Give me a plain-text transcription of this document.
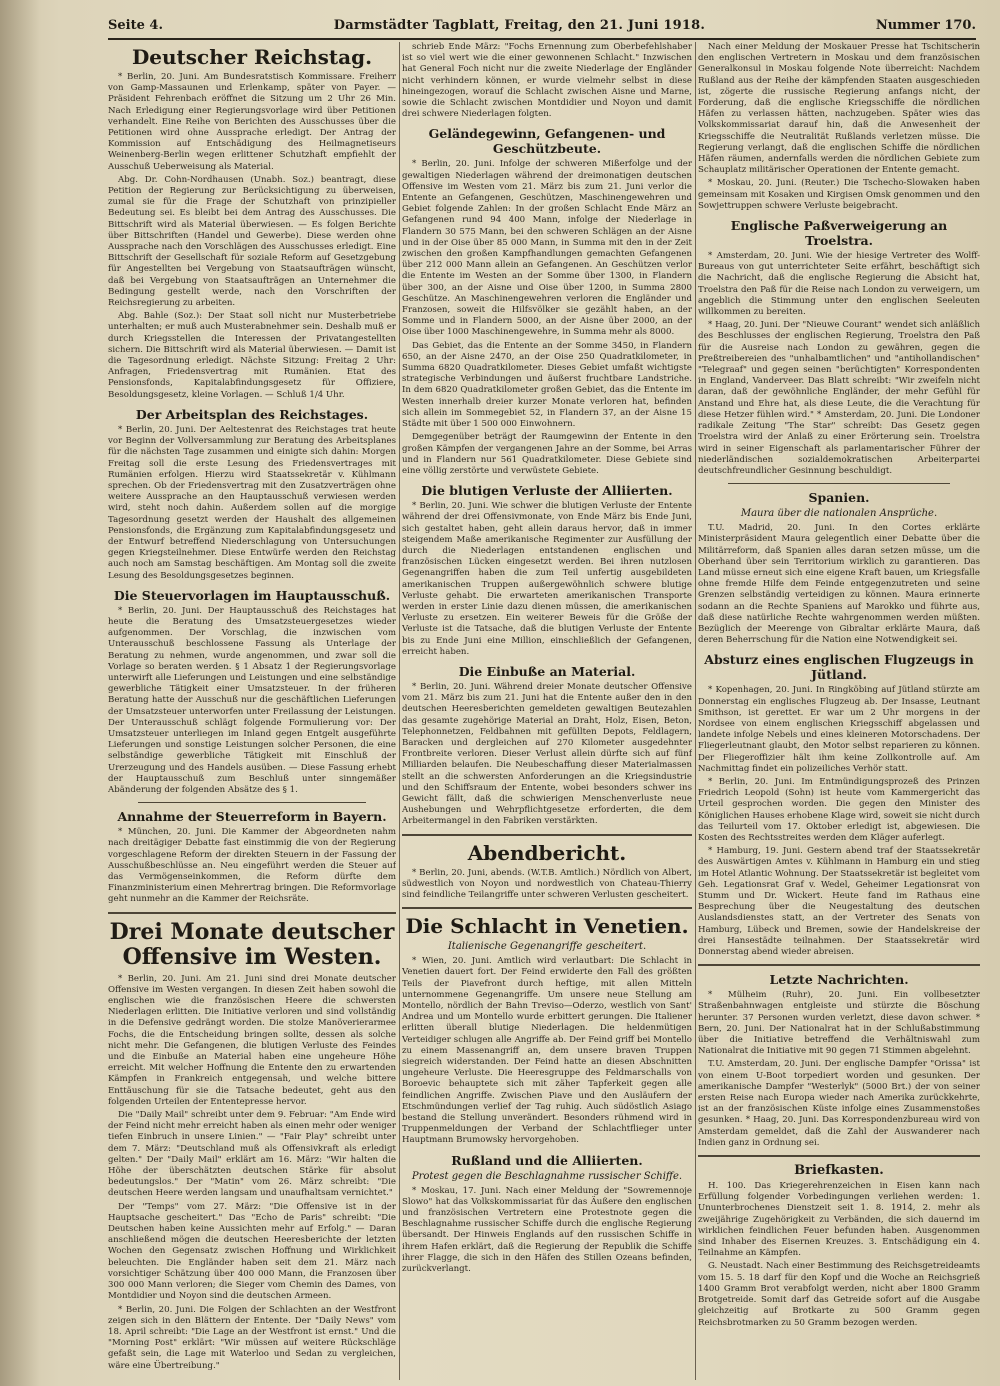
Seite 4.	Darmstädter Tagblatt, Freitag, den 21. Juni 1918.	Nummer 170.
Deutscher Reichstag.

* Berlin, 20. Juni. Am Bundesratstisch Kommissare. Freiherr von Gamp-Massaunen und Erlenkamp, später von Payer. — Präsident Fehrenbach eröffnet die Sitzung um 2 Uhr 26 Min. Nach Erledigung einer Regierungsvorlage wird über Petitionen verhandelt. Eine Reihe von Berichten des Ausschusses über die Petitionen wird ohne Aussprache erledigt. Der Antrag der Kommission auf Entschädigung des Heilmagnetiseurs Weinenberg-Berlin wegen erlittener Schutzhaft empfiehlt der Ausschuß Ueberweisung als Material.

Abg. Dr. Cohn-Nordhausen (Unabh. Soz.) beantragt, diese Petition der Regierung zur Berücksichtigung zu überweisen, zumal sie für die Frage der Schutzhaft von prinzipieller Bedeutung sei. Es bleibt bei dem Antrag des Ausschusses. Die Bittschrift wird als Material überwiesen. — Es folgen Berichte über Bittschriften (Handel und Gewerbe). Diese werden ohne Aussprache nach den Vorschlägen des Ausschusses erledigt. Eine Bittschrift der Gesellschaft für soziale Reform auf Gesetzgebung für Angestellten bei Vergebung von Staatsaufträgen wünscht, daß bei Vergebung von Staatsaufträgen an Unternehmer die Bedingung gestellt werde, nach den Vorschriften der Reichsregierung zu arbeiten.

Abg. Bahle (Soz.): Der Staat soll nicht nur Musterbetriebe unterhalten; er muß auch Musterabnehmer sein. Deshalb muß er durch Kriegsstellen die Interessen der Privatangestellten sichern. Die Bittschrift wird als Material überwiesen. — Damit ist die Tagesordnung erledigt. Nächste Sitzung: Freitag 2 Uhr: Anfragen, Friedensvertrag mit Rumänien. Etat des Pensionsfonds, Kapitalabfindungsgesetz für Offiziere, Besoldungsgesetz, kleine Vorlagen. — Schluß 1/4 Uhr.

Der Arbeitsplan des Reichstages.

* Berlin, 20. Juni. Der Aeltestenrat des Reichstages trat heute vor Beginn der Vollversammlung zur Beratung des Arbeitsplanes für die nächsten Tage zusammen und einigte sich dahin: Morgen Freitag soll die erste Lesung des Friedensvertrages mit Rumänien erfolgen. Hierzu wird Staatssekretär v. Kühlmann sprechen. Ob der Friedensvertrag mit den Zusatzverträgen ohne weitere Aussprache an den Hauptausschuß verwiesen werden wird, steht noch dahin. Außerdem sollen auf die morgige Tagesordnung gesetzt werden der Haushalt des allgemeinen Pensionsfonds, die Ergänzung zum Kapitalabfindungsgesetz und der Entwurf betreffend Niederschlagung von Untersuchungen gegen Kriegsteilnehmer. Diese Entwürfe werden den Reichstag auch noch am Samstag beschäftigen. Am Montag soll die zweite Lesung des Besoldungsgesetzes beginnen.

Die Steuervorlagen im Hauptausschuß.

* Berlin, 20. Juni. Der Hauptausschuß des Reichstages hat heute die Beratung des Umsatzsteuergesetzes wieder aufgenommen. Der Vorschlag, die inzwischen vom Unterausschuß beschlossene Fassung als Unterlage der Beratung zu nehmen, wurde angenommen, und zwar soll die Vorlage so beraten werden. § 1 Absatz 1 der Regierungsvorlage unterwirft alle Lieferungen und Leistungen und eine selbständige gewerbliche Tätigkeit einer Umsatzsteuer. In der früheren Beratung hatte der Ausschuß nur die geschäftlichen Lieferungen der Umsatzsteuer unterworfen unter Freilassung der Leistungen. Der Unterausschuß schlägt folgende Formulierung vor: Der Umsatzsteuer unterliegen im Inland gegen Entgelt ausgeführte Lieferungen und sonstige Leistungen solcher Personen, die eine selbständige gewerbliche Tätigkeit mit Einschluß der Urerzeugung und des Handels ausüben. — Diese Fassung erhebt der Hauptausschuß zum Beschluß unter sinngemäßer Abänderung der folgenden Absätze des § 1.

Annahme der Steuerreform in Bayern.

* München, 20. Juni. Die Kammer der Abgeordneten nahm nach dreitägiger Debatte fast einstimmig die von der Regierung vorgeschlagene Reform der direkten Steuern in der Fassung der Ausschußbeschlüsse an. Neu eingeführt werden die Steuer auf das Vermögenseinkommen, die Reform dürfte dem Finanzministerium einen Mehrertrag bringen. Die Reformvorlage geht nunmehr an die Kammer der Reichsräte.

Drei Monate deutscher Offensive im Westen.

* Berlin, 20. Juni. Am 21. Juni sind drei Monate deutscher Offensive im Westen vergangen. In diesen Zeit haben sowohl die englischen wie die französischen Heere die schwersten Niederlagen erlitten. Die Initiative verloren und sind vollständig in die Defensive gedrängt worden. Die stolze Manöverierarmee Fochs, die die Entscheidung bringen sollte, dessen als solche nicht mehr. Die Gefangenen, die blutigen Verluste des Feindes und die Einbuße an Material haben eine ungeheure Höhe erreicht. Mit welcher Hoffnung die Entente den zu erwartenden Kämpfen in Frankreich entgegensah, und welche bittere Enttäuschung für sie die Tatsache bedeutet, geht aus den folgenden Urteilen der Ententepresse hervor.

Die "Daily Mail" schreibt unter dem 9. Februar: "Am Ende wird der Feind nicht mehr erreicht haben als einen mehr oder weniger tiefen Einbruch in unsere Linien." — "Fair Play" schreibt unter dem 7. März: "Deutschland muß als Offensivkraft als erledigt gelten." Der "Daily Mail" erklärt am 16. März: "Wir halten die Höhe der überschätzten deutschen Stärke für absolut bedeutungslos." Der "Matin" vom 26. März schreibt: "Die deutschen Heere werden langsam und unaufhaltsam vernichtet."

Der "Temps" vom 27. März: "Die Offensive ist in der Hauptsache gescheitert." Das "Echo de Paris" schreibt: "Die Deutschen haben keine Aussichten mehr auf Erfolg." — Daran anschließend mögen die deutschen Heeresberichte der letzten Wochen den Gegensatz zwischen Hoffnung und Wirklichkeit beleuchten. Die Engländer haben seit dem 21. März nach vorsichtiger Schätzung über 400 000 Mann, die Franzosen über 300 000 Mann verloren; die Sieger vom Chemin des Dames, von Montdidier und Noyon sind die deutschen Armeen.

* Berlin, 20. Juni. Die Folgen der Schlachten an der Westfront zeigen sich in den Blättern der Entente. Der "Daily News" vom 18. April schreibt: "Die Lage an der Westfront ist ernst." Und die "Morning Post" erklärt: "Wir müssen auf weitere Rückschläge gefaßt sein, die Lage mit Waterloo und Sedan zu vergleichen, wäre eine Übertreibung."

schrieb Ende März: "Fochs Ernennung zum Oberbefehlshaber ist so viel wert wie die einer gewonnenen Schlacht." Inzwischen hat General Foch nicht nur die zweite Niederlage der Engländer nicht verhindern können, er wurde vielmehr selbst in diese hineingezogen, worauf die Schlacht zwischen Aisne und Marne, sowie die Schlacht zwischen Montdidier und Noyon und damit drei schwere Niederlagen folgten.

Geländegewinn, Gefangenen- und Geschützbeute.

* Berlin, 20. Juni. Infolge der schweren Mißerfolge und der gewaltigen Niederlagen während der dreimonatigen deutschen Offensive im Westen vom 21. März bis zum 21. Juni verlor die Entente an Gefangenen, Geschützen, Maschinengewehren und Gebiet folgende Zahlen: In der großen Schlacht Ende März an Gefangenen rund 94 400 Mann, infolge der Niederlage in Flandern 30 575 Mann, bei den schweren Schlägen an der Aisne und in der Oise über 85 000 Mann, in Summa mit den in der Zeit zwischen den großen Kampfhandlungen gemachten Gefangenen über 212 000 Mann allein an Gefangenen. An Geschützen verlor die Entente im Westen an der Somme über 1300, in Flandern über 300, an der Aisne und Oise über 1200, in Summa 2800 Geschütze. An Maschinengewehren verloren die Engländer und Franzosen, soweit die Hilfsvölker sie gezählt haben, an der Somme und in Flandern 5000, an der Aisne über 2000, an der Oise über 1000 Maschinengewehre, in Summa mehr als 8000.

Das Gebiet, das die Entente an der Somme 3450, in Flandern 650, an der Aisne 2470, an der Oise 250 Quadratkilometer, in Summa 6820 Quadratkilometer. Dieses Gebiet umfaßt wichtigste strategische Verbindungen und äußerst fruchtbare Landstriche. In dem 6820 Quadratkilometer großen Gebiet, das die Entente im Westen innerhalb dreier kurzer Monate verloren hat, befinden sich allein im Sommegebiet 52, in Flandern 37, an der Aisne 15 Städte mit über 1 500 000 Einwohnern.

Demgegenüber beträgt der Raumgewinn der Entente in den großen Kämpfen der vergangenen Jahre an der Somme, bei Arras und in Flandern nur 561 Quadratkilometer. Diese Gebiete sind eine völlig zerstörte und verwüstete Gebiete.

Die blutigen Verluste der Alliierten.

* Berlin, 20. Juni. Wie schwer die blutigen Verluste der Entente während der drei Offensivmonate, von Ende März bis Ende Juni, sich gestaltet haben, geht allein daraus hervor, daß in immer steigendem Maße amerikanische Regimenter zur Ausfüllung der durch die Niederlagen entstandenen englischen und französischen Lücken eingesetzt werden. Bei ihren nutzlosen Gegenangriffen haben die zum Teil unfertig ausgebildeten amerikanischen Truppen außergewöhnlich schwere blutige Verluste gehabt. Die erwarteten amerikanischen Transporte werden in erster Linie dazu dienen müssen, die amerikanischen Verluste zu ersetzen. Ein weiterer Beweis für die Größe der Verluste ist die Tatsache, daß die blutigen Verluste der Entente bis zu Ende Juni eine Million, einschließlich der Gefangenen, erreicht haben.

Die Einbuße an Material.

* Berlin, 20. Juni. Während dreier Monate deutscher Offensive vom 21. März bis zum 21. Juni hat die Entente außer den in den deutschen Heeresberichten gemeldeten gewaltigen Beutezahlen das gesamte zugehörige Material an Draht, Holz, Eisen, Beton, Telephonnetzen, Feldbahnen mit gefüllten Depots, Feldlagern, Baracken und dergleichen auf 270 Kilometer ausgedehnter Frontbreite verloren. Dieser Verlust allein dürfte sich auf fünf Milliarden belaufen. Die Neubeschaffung dieser Materialmassen stellt an die schwersten Anforderungen an die Kriegsindustrie und den Schiffsraum der Entente, wobei besonders schwer ins Gewicht fällt, daß die schwierigen Menschenverluste neue Aushebungen und Wehrpflichtgesetze erforderten, die dem Arbeitermangel in den Fabriken verstärkten.

Abendbericht.

* Berlin, 20. Juni, abends. (W.T.B. Amtlich.) Nördlich von Albert, südwestlich von Noyon und nordwestlich von Chateau-Thierry sind feindliche Teilangriffe unter schweren Verlusten gescheitert.

Die Schlacht in Venetien.
Italienische Gegenangriffe gescheitert.

* Wien, 20. Juni. Amtlich wird verlautbart: Die Schlacht in Venetien dauert fort. Der Feind erwiderte den Fall des größten Teils der Piavefront durch heftige, mit allen Mitteln unternommene Gegenangriffe. Um unsere neue Stellung am Montello, nördlich der Bahn Treviso—Oderzo, westlich von Sant' Andrea und um Montello wurde erbittert gerungen. Die Italiener erlitten überall blutige Niederlagen. Die heldenmütigen Verteidiger schlugen alle Angriffe ab. Der Feind griff bei Montello zu einem Massenangriff an, dem unsere braven Truppen siegreich widerstanden. Der Feind hatte an diesen Abschnitten ungeheure Verluste. Die Heeresgruppe des Feldmarschalls von Boroevic behauptete sich mit zäher Tapferkeit gegen alle feindlichen Angriffe. Zwischen Piave und den Ausläufern der Etschmündungen verlief der Tag ruhig. Auch südöstlich Asiago bestand die Stellung unverändert. Besonders rühmend wird in Truppenmeldungen der Verband der Schlachtflieger unter Hauptmann Brumowsky hervorgehoben.

Rußland und die Alliierten.
Protest gegen die Beschlagnahme russischer Schiffe.

* Moskau, 17. Juni. Nach einer Meldung der "Sowremennoje Slowo" hat das Volkskommissariat für das Äußere den englischen und französischen Vertretern eine Protestnote gegen die Beschlagnahme russischer Schiffe durch die englische Regierung übersandt. Der Hinweis Englands auf den russischen Schiffe in ihrem Hafen erklärt, daß die Regierung der Republik die Schiffe ihrer Flagge, die sich in den Häfen des Stillen Ozeans befinden, zurückverlangt.

Nach einer Meldung der Moskauer Presse hat Tschitscherin den englischen Vertretern in Moskau und dem französischen Generalkonsul in Moskau folgende Note überreicht: Nachdem Rußland aus der Reihe der kämpfenden Staaten ausgeschieden ist, zögerte die russische Regierung anfangs nicht, der Forderung, daß die englische Kriegsschiffe die nördlichen Häfen zu verlassen hätten, nachzugeben. Später wies das Volkskommissariat darauf hin, daß die Anwesenheit der Kriegsschiffe die Neutralität Rußlands verletzen müsse. Die Regierung verlangt, daß die englischen Schiffe die nördlichen Häfen räumen, andernfalls werden die nördlichen Gebiete zum Schauplatz militärischer Operationen der Entente gemacht.

* Moskau, 20. Juni. (Reuter.) Die Tschecho-Slowaken haben gemeinsam mit Kosaken und Kirgisen Omsk genommen und den Sowjettruppen schwere Verluste beigebracht.

Englische Paßverweigerung an Troelstra.

* Amsterdam, 20. Juni. Wie der hiesige Vertreter des Wolff-Bureaus von gut unterrichteter Seite erfährt, beschäftigt sich die Nachricht, daß die englische Regierung die Absicht hat, Troelstra den Paß für die Reise nach London zu verweigern, um angeblich die Stimmung unter den englischen Seeleuten willkommen zu bereiten.

* Haag, 20. Juni. Der "Nieuwe Courant" wendet sich anläßlich des Beschlusses der englischen Regierung, Troelstra den Paß für die Ausreise nach London zu gewähren, gegen die Preßtreibereien des "unhalbamtlichen" und "antihollandischen" "Telegraaf" und gegen seinen "berüchtigten" Korrespondenten in England, Vanderveer. Das Blatt schreibt: "Wir zweifeln nicht daran, daß der gewöhnliche Engländer, der mehr Gefühl für Anstand und Ehre hat, als diese Leute, die die Verachtung für diese Hetzer fühlen wird." * Amsterdam, 20. Juni. Die Londoner radikale Zeitung "The Star" schreibt: Das Gesetz gegen Troelstra wird der Anlaß zu einer Erörterung sein. Troelstra wird in seiner Eigenschaft als parlamentarischer Führer der niederländischen sozialdemokratischen Arbeiterpartei deutschfreundlicher Gesinnung beschuldigt.

Spanien.
Maura über die nationalen Ansprüche.

T.U. Madrid, 20. Juni. In den Cortes erklärte Ministerpräsident Maura gelegentlich einer Debatte über die Militärreform, daß Spanien alles daran setzen müsse, um die Oberhand über sein Territorium wirklich zu garantieren. Das Land müsse erneut sich eine eigene Kraft bauen, um Kriegsfalle ohne fremde Hilfe dem Feinde entgegenzutreten und seine Grenzen selbständig verteidigen zu können. Maura erinnerte sodann an die Rechte Spaniens auf Marokko und führte aus, daß diese natürliche Rechte wahrgenommen werden müßten. Bezüglich der Meerenge von Gibraltar erklärte Maura, daß deren Beherrschung für die Nation eine Notwendigkeit sei.

Absturz eines englischen Flugzeugs in Jütland.

* Kopenhagen, 20. Juni. In Ringköbing auf Jütland stürzte am Donnerstag ein englisches Flugzeug ab. Der Insasse, Leutnant Smithson, ist gerettet. Er war um 2 Uhr morgens in der Nordsee von einem englischen Kriegsschiff abgelassen und landete infolge Nebels und eines kleineren Motorschadens. Der Fliegerleutnant glaubt, den Motor selbst reparieren zu können. Der Fliegeroffizier hält ihm keine Zollkontrolle auf. Am Nachmittag findet ein polizeiliches Verhör statt.

* Berlin, 20. Juni. Im Entmündigungsprozeß des Prinzen Friedrich Leopold (Sohn) ist heute vom Kammergericht das Urteil gesprochen worden. Die gegen den Minister des Königlichen Hauses erhobene Klage wird, soweit sie nicht durch das Teilurteil vom 17. Oktober erledigt ist, abgewiesen. Die Kosten des Rechtsstreites werden dem Kläger auferlegt.

* Hamburg, 19. Juni. Gestern abend traf der Staatssekretär des Auswärtigen Amtes v. Kühlmann in Hamburg ein und stieg im Hotel Atlantic Wohnung. Der Staatssekretär ist begleitet vom Geh. Legationsrat Graf v. Wedel, Geheimer Legationsrat von Stumm und Dr. Wickert. Heute fand im Rathaus eine Besprechung über die Neugestaltung des deutschen Auslandsdienstes statt, an der Vertreter des Senats von Hamburg, Lübeck und Bremen, sowie der Handelskreise der drei Hansestädte teilnahmen. Der Staatssekretär wird Donnerstag abend wieder abreisen.

Letzte Nachrichten.

* Mülheim (Ruhr), 20. Juni. Ein vollbesetzter Straßenbahnwagen entgleiste und stürzte die Böschung herunter. 37 Personen wurden verletzt, diese davon schwer. * Bern, 20. Juni. Der Nationalrat hat in der Schlußabstimmung über die Initiative betreffend die Verhältniswahl zum Nationalrat die Initiative mit 90 gegen 71 Stimmen abgelehnt.

T.U. Amsterdam, 20. Juni. Der englische Dampfer "Orissa" ist von einem U-Boot torpediert worden und gesunken. Der amerikanische Dampfer "Westerlyk" (5000 Brt.) der von seiner ersten Reise nach Europa wieder nach Amerika zurückkehrte, ist an der französischen Küste infolge eines Zusammenstoßes gesunken. * Haag, 20. Juni. Das Korrespondenzbureau wird von Amsterdam gemeldet, daß die Zahl der Auswanderer nach Indien ganz in Ordnung sei.

Briefkasten.

H. 100. Das Kriegerehrenzeichen in Eisen kann nach Erfüllung folgender Vorbedingungen verliehen werden: 1. Ununterbrochenes Dienstzeit seit 1. 8. 1914, 2. mehr als zweijährige Zugehörigkeit zu Verbänden, die sich dauernd im wirklichen feindlichen Feuer befunden haben. Ausgenommen sind Inhaber des Eisernen Kreuzes. 3. Entschädigung ein 4. Teilnahme an Kämpfen.

G. Neustadt. Nach einer Bestimmung des Reichsgetreideamts vom 15. 5. 18 darf für den Kopf und die Woche an Reichsgrieß 1400 Gramm Brot verabfolgt werden, nicht aber 1800 Gramm Brotgetreide. Somit darf das Getreide sofort auf die Ausgabe gleichzeitig auf Brotkarte zu 500 Gramm gegen Reichsbrotmarken zu 50 Gramm bezogen werden.
